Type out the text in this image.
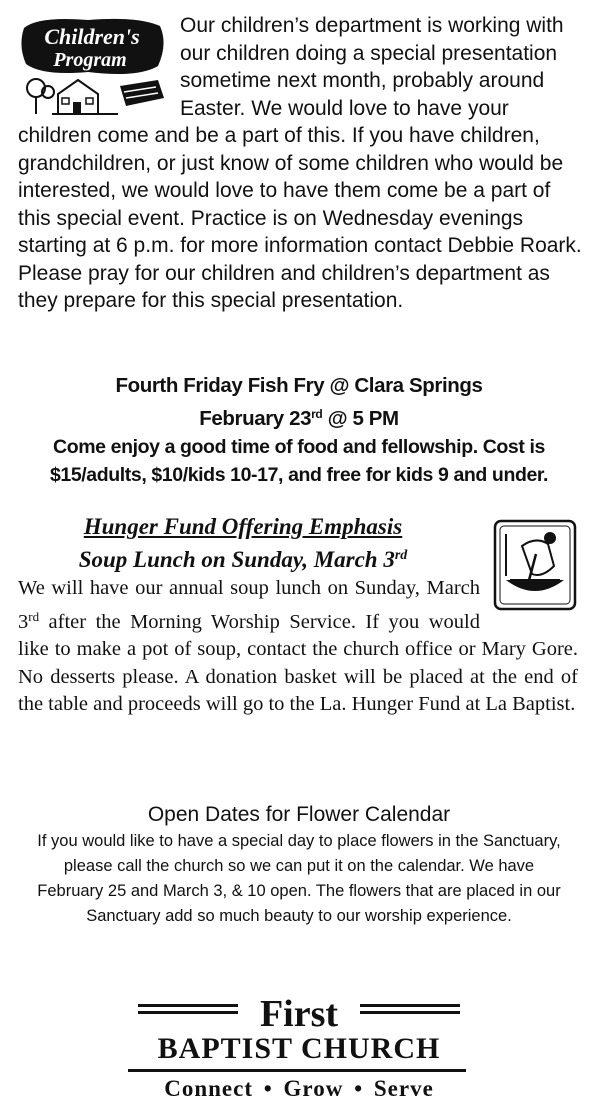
Children's
Program

Our children’s department is working with our children doing a special presentation sometime next month, probably around Easter. We would love to have your children come and be a part of this. If you have children, grandchildren, or just know of some children who would be interested, we would love to have them come be a part of this special event. Practice is on Wednesday evenings starting at 6 p.m. for more information contact Debbie Roark. Please pray for our children and children’s department as they prepare for this special presentation.

Fourth Friday Fish Fry @ Clara Springs
February 23rd @ 5 PM
Come enjoy a good time of food and fellowship. Cost is
$15/adults, $10/kids 10-17, and free for kids 9 and under.
Hunger Fund Offering Emphasis
Soup Lunch on Sunday, March 3rd

We will have our annual soup lunch on Sunday, March 3rd after the Morning Worship Service. If you would like to make a pot of soup, contact the church office or Mary Gore. No desserts please. A donation basket will be placed at the end of the table and proceeds will go to the La. Hunger Fund at La Baptist.

Open Dates for Flower Calendar

If you would like to have a special day to place flowers in the Sanctuary, please call the church so we can put it on the calendar. We have February 25 and March 3, & 10 open. The flowers that are placed in our Sanctuary add so much beauty to our worship experience.

First
BAPTIST CHURCH
Connect • Grow • Serve
